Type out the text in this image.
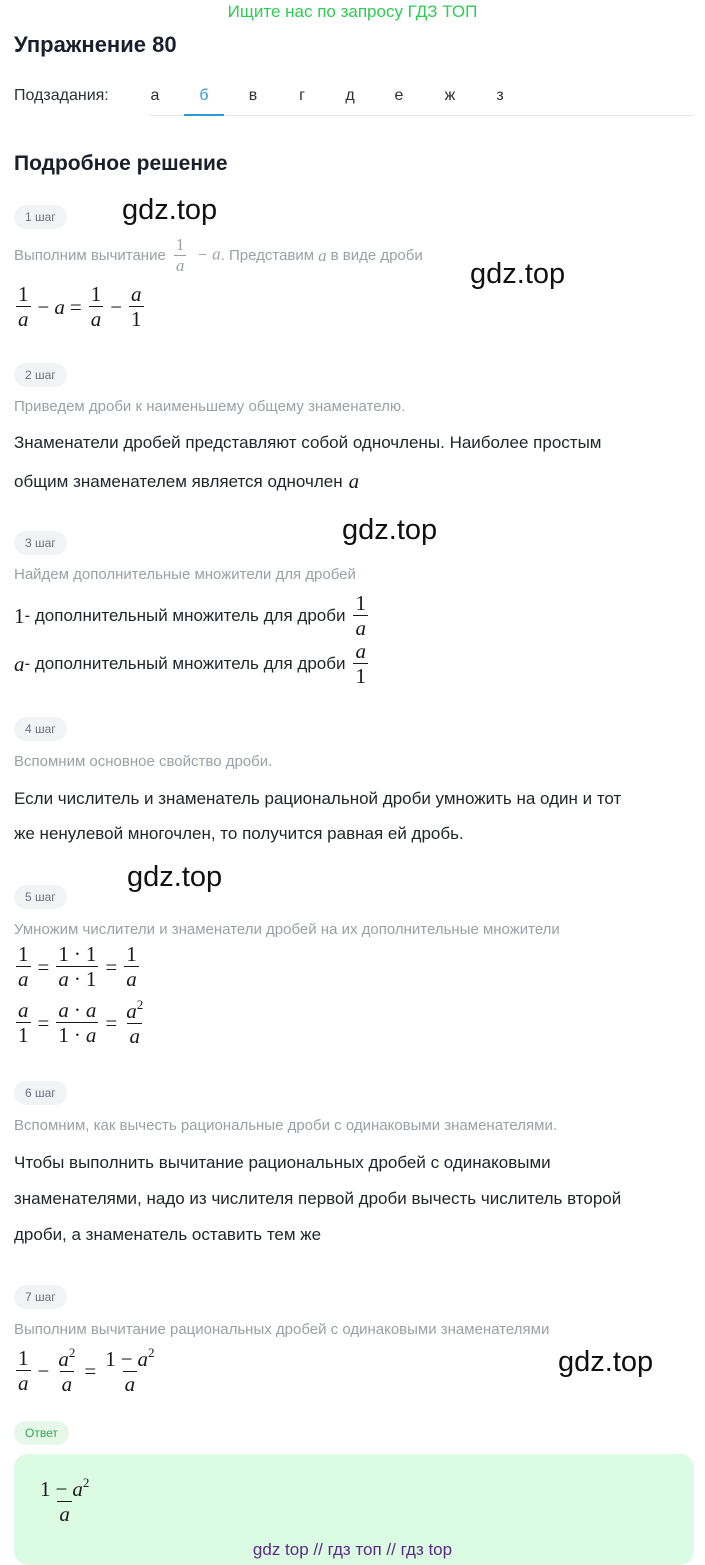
Ищите нас по запросу ГДЗ ТОП
Упражнение 80
Подзадания:	а	б	в	г	д	е	ж	з
Подробное решение
gdz.top
gdz.top
gdz.top
gdz.top
gdz.top
1 шаг
Выполним вычитание $\frac{1}{a} - a$ . Представим a в виде дроби
$\frac{1}{a} - a = \frac{1}{a} - \frac{a}{1}$
2 шаг
Приведем дроби к наименьшему общему знаменателю.
Знаменатели дробей представляют собой одночлены. Наиболее простым
общим знаменателем является одночлен a
3 шаг
Найдем дополнительные множители для дробей
1 - дополнительный множитель для дроби $\frac{1}{a}$
a - дополнительный множитель для дроби $\frac{a}{1}$
4 шаг
Вспомним основное свойство дроби.
Если числитель и знаменатель рациональной дроби умножить на один и тот
же ненулевой многочлен, то получится равная ей дробь.
5 шаг
Умножим числители и знаменатели дробей на их дополнительные множители
$\frac{1}{a} = \frac{1 \cdot 1}{a \cdot 1} = \frac{1}{a}$
$\frac{a}{1} = \frac{a \cdot a}{1 \cdot a} = \frac{a^2}{a}$
6 шаг
Вспомним, как вычесть рациональные дроби с одинаковыми знаменателями.
Чтобы выполнить вычитание рациональных дробей с одинаковыми
знаменателями, надо из числителя первой дроби вычесть числитель второй
дроби, а знаменатель оставить тем же
7 шаг
Выполним вычитание рациональных дробей с одинаковыми знаменателями
$\frac{1}{a} - \frac{a^2}{a} = \frac{1 - a^2}{a}$
Ответ
$\frac{1 - a^2}{a}$
gdz top // гдз топ // гдз top
